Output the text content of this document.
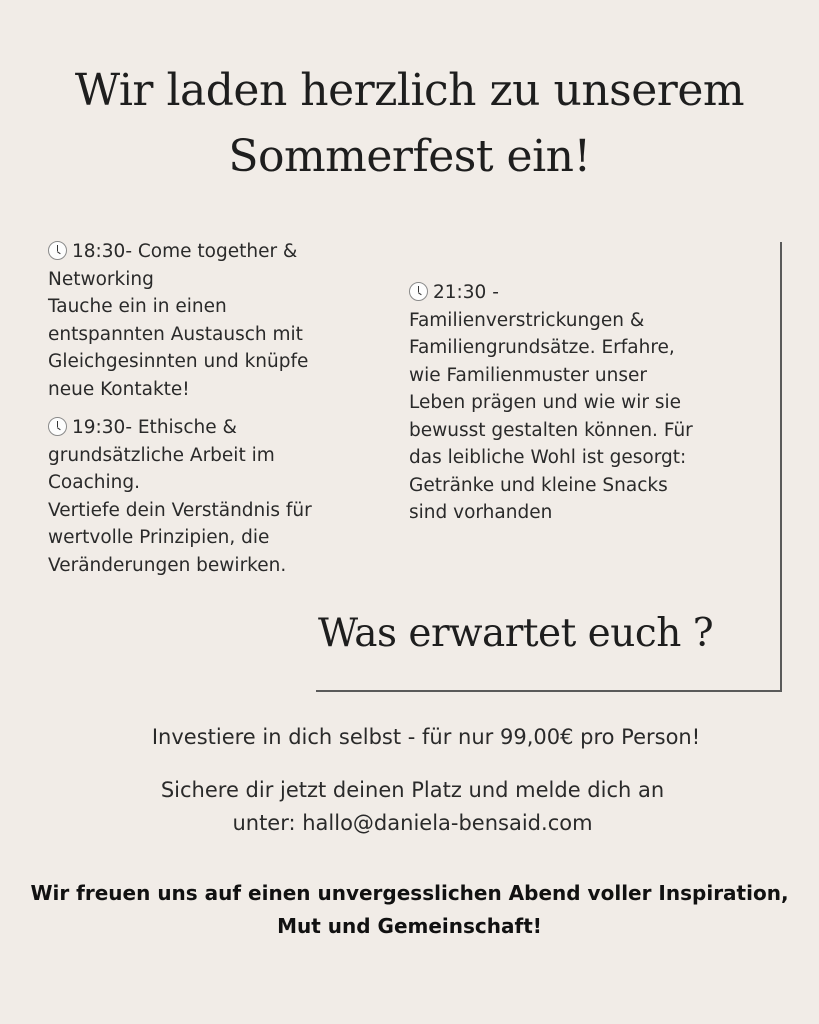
Wir laden herzlich zu unserem
Sommerfest ein!
18:30- Come together &
Networking
Tauche ein in einen
entspannten Austausch mit
Gleichgesinnten und knüpfe
neue Kontakte!
19:30- Ethische &
grundsätzliche Arbeit im
Coaching.
Vertiefe dein Verständnis für
wertvolle Prinzipien, die
Veränderungen bewirken.
21:30 -
Familienverstrickungen &
Familiengrundsätze. Erfahre,
wie Familienmuster unser
Leben prägen und wie wir sie
bewusst gestalten können. Für
das leibliche Wohl ist gesorgt:
Getränke und kleine Snacks
sind vorhanden
Was erwartet euch ?
Investiere in dich selbst - für nur 99,00€ pro Person!
Sichere dir jetzt deinen Platz und melde dich an
unter: hallo@daniela-bensaid.com
Wir freuen uns auf einen unvergesslichen Abend voller Inspiration,
Mut und Gemeinschaft!
